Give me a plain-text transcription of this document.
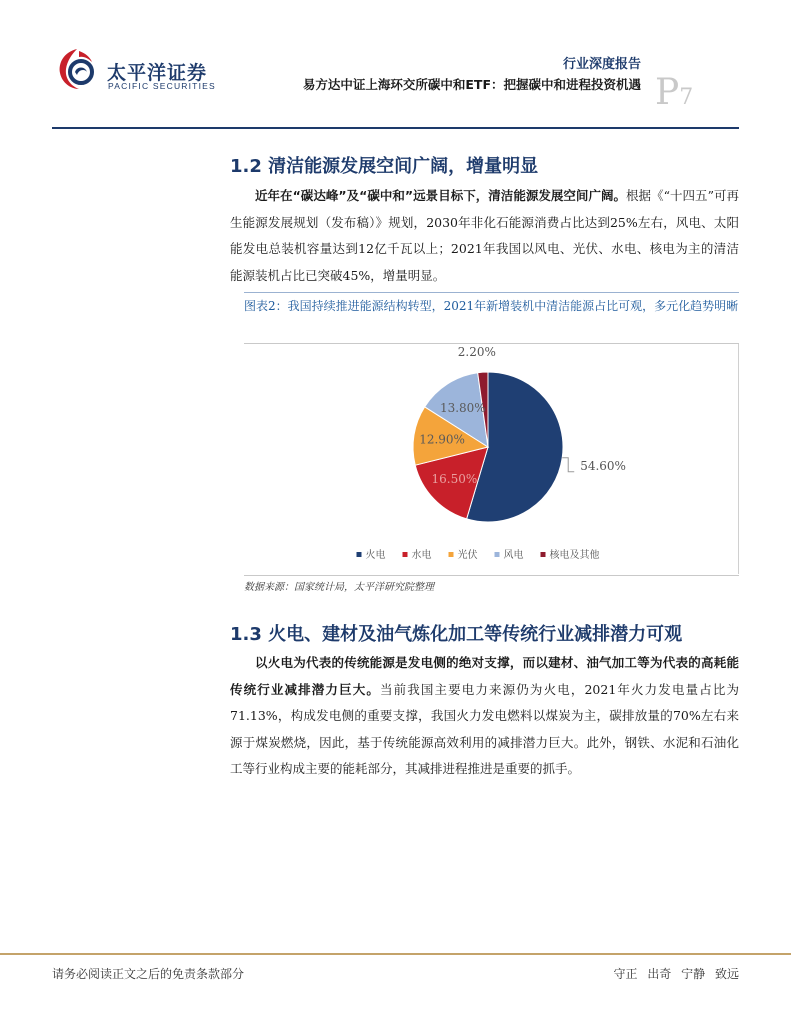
太平洋证券
PACIFIC SECURITIES
行业深度报告
易方达中证上海环交所碳中和ETF：把握碳中和进程投资机遇 P7
1.2 清洁能源发展空间广阔，增量明显
近年在“碳达峰”及“碳中和”远景目标下，清洁能源发展空间广阔。根据《“十四五”可再生能源发展规划（发布稿）》规划，2030年非化石能源消费占比达到25%左右，风电、太阳能发电总装机容量达到12亿千瓦以上；2021年我国以风电、光伏、水电、核电为主的清洁能源装机占比已突破45%，增量明显。
图表2：我国持续推进能源结构转型，2021年新增装机中清洁能源占比可观，多元化趋势明晰
54.60%
16.50%
12.90%
13.80%
2.20%
火电	水电	光伏	风电	核电及其他
数据来源：国家统计局，太平洋研究院整理
1.3 火电、建材及油气炼化加工等传统行业减排潜力可观
以火电为代表的传统能源是发电侧的绝对支撑，而以建材、油气加工等为代表的高耗能传统行业减排潜力巨大。当前我国主要电力来源仍为火电，2021年火力发电量占比为71.13%，构成发电侧的重要支撑，我国火力发电燃料以煤炭为主，碳排放量的70%左右来源于煤炭燃烧，因此，基于传统能源高效利用的减排潜力巨大。此外，钢铁、水泥和石油化工等行业构成主要的能耗部分，其减排进程推进是重要的抓手。
请务必阅读正文之后的免责条款部分	守正 出奇 宁静 致远
